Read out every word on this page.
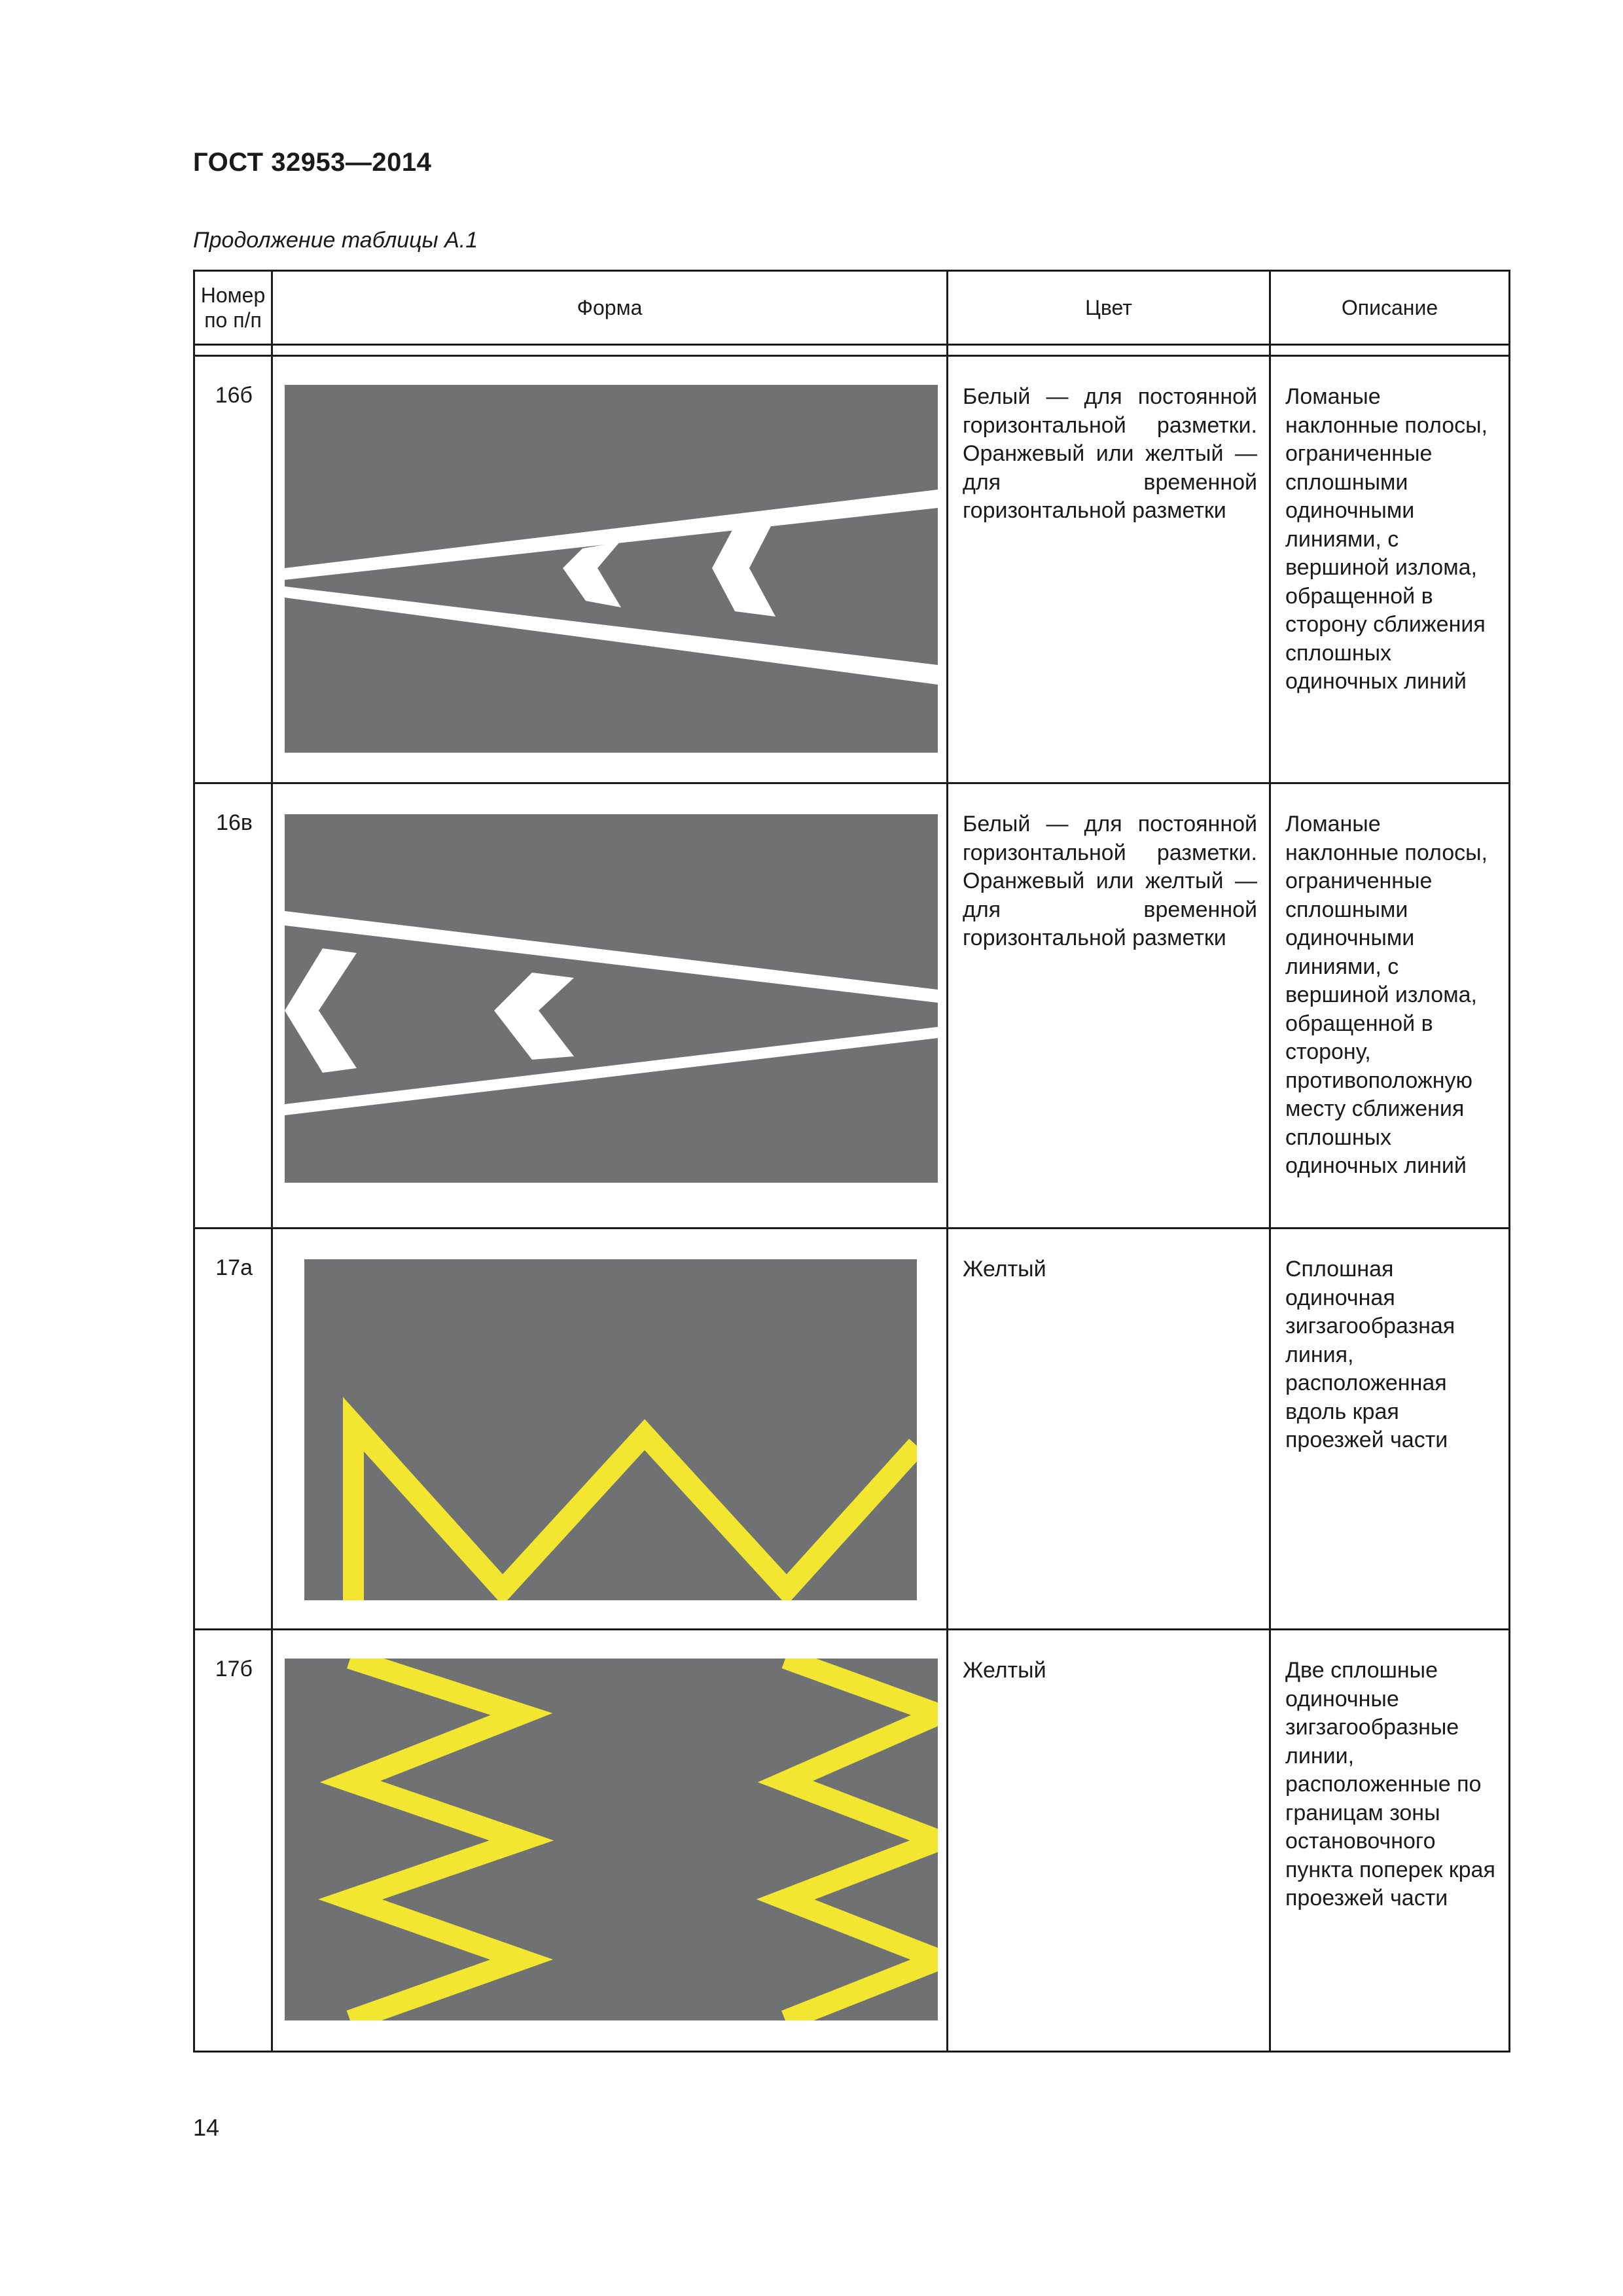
ГОСТ 32953—2014
Продолжение таблицы А.1
Номер по п/п	Форма	Цвет	Описание

16б		Белый — для постоянной горизонтальной разметки. Оранжевый или желтый — для временной горизонтальной разметки	Ломаные наклонные полосы, ограниченные сплошными одиночными линиями, с вершиной излома, обращенной в сторону сближения сплошных одиночных линий
16в		Белый — для постоянной горизонтальной разметки. Оранжевый или желтый — для временной горизонтальной разметки	Ломаные наклонные полосы, ограниченные сплошными одиночными линиями, с вершиной излома, обращенной в сторону, противоположную месту сближения сплошных одиночных линий
17а		Желтый	Сплошная одиночная зигзагообразная линия, расположенная вдоль края проезжей части
17б		Желтый	Две сплошные одиночные зигзагообразные линии, расположенные по границам зоны остановочного пункта поперек края проезжей части
14
